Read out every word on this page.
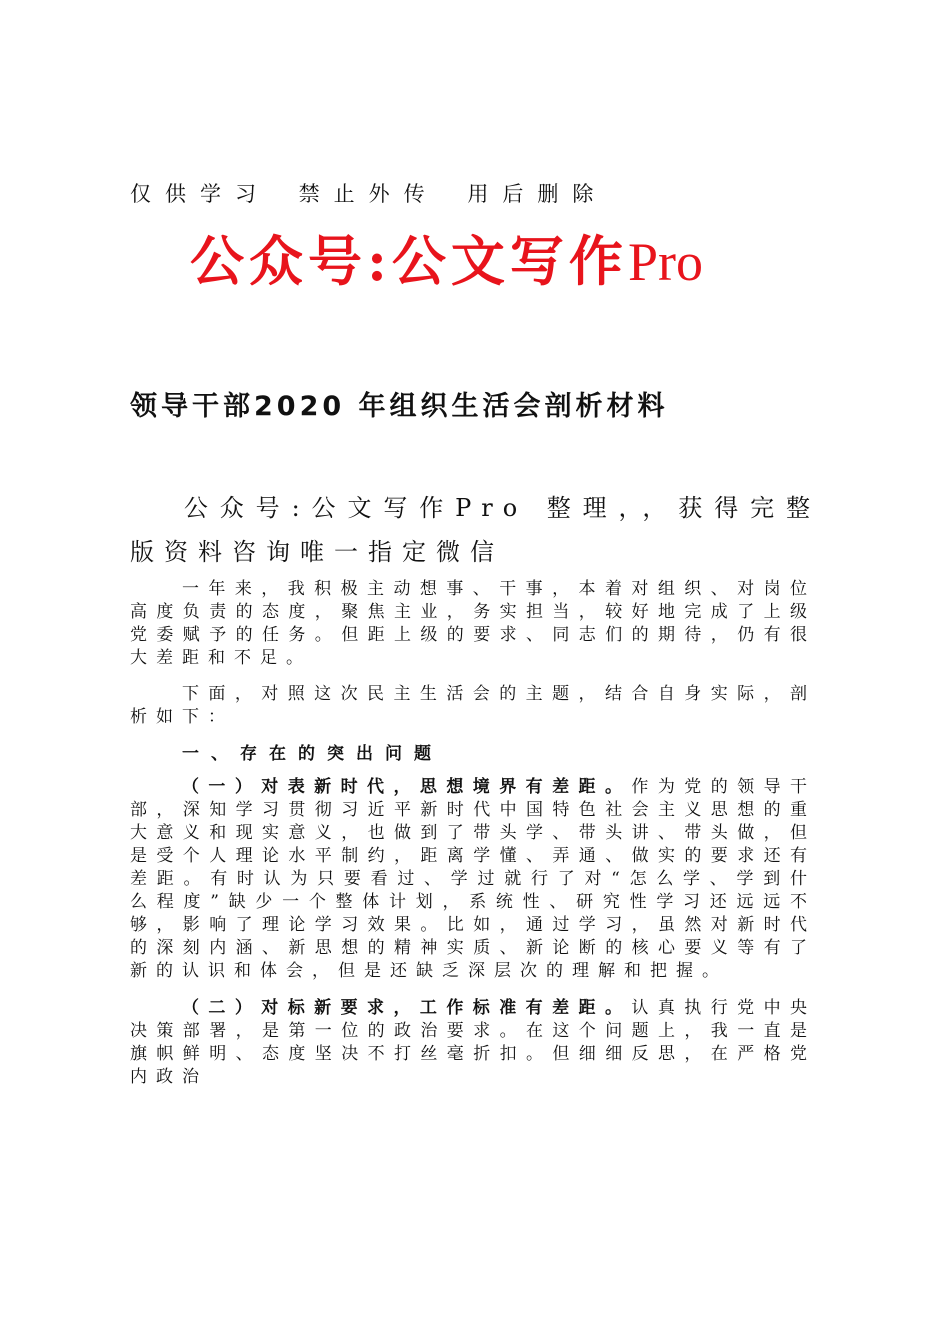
仅供学习 禁止外传 用后删除
公众号:公文写作Pro
领导干部2020 年组织生活会剖析材料
公众号:公文写作Pro 整理，，获得完整版资料咨询唯一指定微信

一年来，我积极主动想事、干事，本着对组织、对岗位高度负责的态度，聚焦主业，务实担当，较好地完成了上级党委赋予的任务。但距上级的要求、同志们的期待，仍有很大差距和不足。

下面，对照这次民主生活会的主题，结合自身实际，剖析如下：

一、存在的突出问题

（一）对表新时代，思想境界有差距。作为党的领导干部，深知学习贯彻习近平新时代中国特色社会主义思想的重大意义和现实意义，也做到了带头学、带头讲、带头做，但是受个人理论水平制约，距离学懂、弄通、做实的要求还有差距。有时认为只要看过、学过就行了对“怎么学、学到什么程度”缺少一个整体计划，系统性、研究性学习还远远不够，影响了理论学习效果。比如，通过学习，虽然对新时代的深刻内涵、新思想的精神实质、新论断的核心要义等有了新的认识和体会，但是还缺乏深层次的理解和把握。

（二）对标新要求，工作标准有差距。认真执行党中央决策部署，是第一位的政治要求。在这个问题上，我一直是旗帜鲜明、态度坚决不打丝毫折扣。但细细反思，在严格党内政治
